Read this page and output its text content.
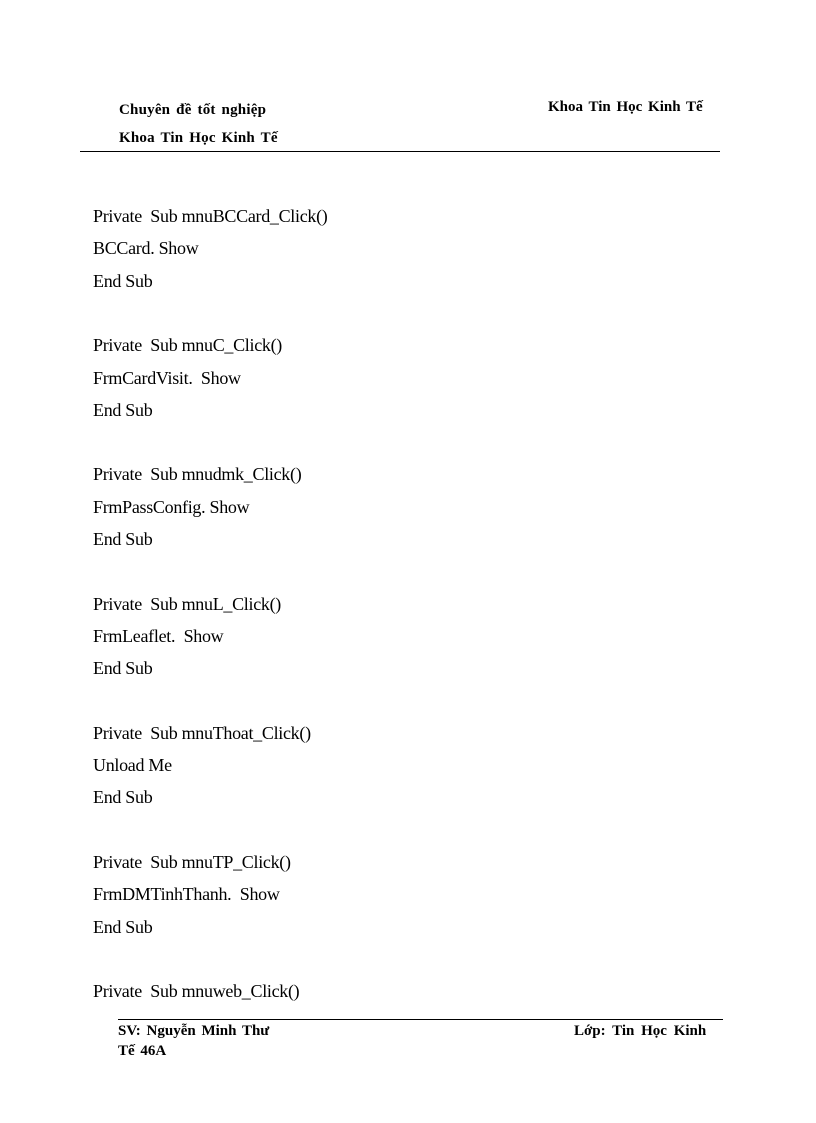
Chuyên đề tốt nghiệp
Khoa Tin Học Kinh Tế
Khoa Tin Học Kinh Tế
Private  Sub mnuBCCard_Click()
BCCard. Show
End Sub
Private  Sub mnuC_Click()
FrmCardVisit.  Show
End Sub
Private  Sub mnudmk_Click()
FrmPassConfig. Show
End Sub
Private  Sub mnuL_Click()
FrmLeaflet.  Show
End Sub
Private  Sub mnuThoat_Click()
Unload Me
End Sub
Private  Sub mnuTP_Click()
FrmDMTinhThanh.  Show
End Sub
Private  Sub mnuweb_Click()
SV: Nguyễn Minh Thư
Tế 46A
Lớp: Tin Học Kinh
